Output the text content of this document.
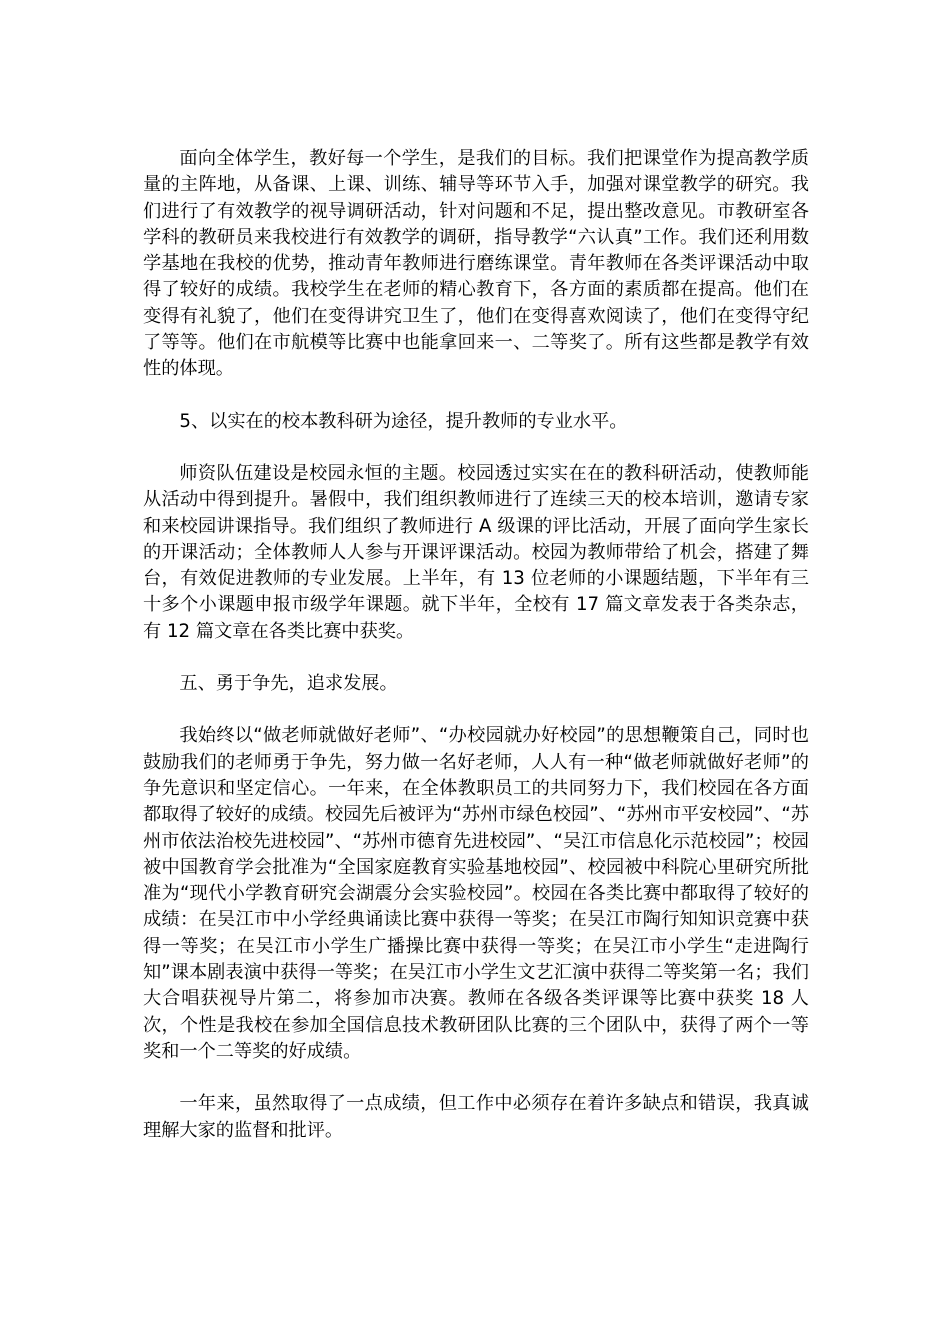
面向全体学生，教好每一个学生，是我们的目标。我们把课堂作为提高教学质量的主阵地，从备课、上课、训练、辅导等环节入手，加强对课堂教学的研究。我们进行了有效教学的视导调研活动，针对问题和不足，提出整改意见。市教研室各学科的教研员来我校进行有效教学的调研，指导教学“六认真”工作。我们还利用数学基地在我校的优势，推动青年教师进行磨练课堂。青年教师在各类评课活动中取得了较好的成绩。我校学生在老师的精心教育下，各方面的素质都在提高。他们在变得有礼貌了，他们在变得讲究卫生了，他们在变得喜欢阅读了，他们在变得守纪了等等。他们在市航模等比赛中也能拿回来一、二等奖了。所有这些都是教学有效性的体现。

5、以实在的校本教科研为途径，提升教师的专业水平。

师资队伍建设是校园永恒的主题。校园透过实实在在的教科研活动，使教师能从活动中得到提升。暑假中，我们组织教师进行了连续三天的校本培训，邀请专家和来校园讲课指导。我们组织了教师进行 A 级课的评比活动，开展了面向学生家长的开课活动；全体教师人人参与开课评课活动。校园为教师带给了机会，搭建了舞台，有效促进教师的专业发展。上半年，有 13 位老师的小课题结题，下半年有三十多个小课题申报市级学年课题。就下半年，全校有 17 篇文章发表于各类杂志，有 12 篇文章在各类比赛中获奖。

五、勇于争先，追求发展。

我始终以“做老师就做好老师”、“办校园就办好校园”的思想鞭策自己，同时也鼓励我们的老师勇于争先，努力做一名好老师，人人有一种“做老师就做好老师”的争先意识和坚定信心。一年来，在全体教职员工的共同努力下，我们校园在各方面都取得了较好的成绩。校园先后被评为“苏州市绿色校园”、“苏州市平安校园”、“苏州市依法治校先进校园”、“苏州市德育先进校园”、“吴江市信息化示范校园”；校园被中国教育学会批准为“全国家庭教育实验基地校园”、校园被中科院心里研究所批准为“现代小学教育研究会湖震分会实验校园”。校园在各类比赛中都取得了较好的成绩：在吴江市中小学经典诵读比赛中获得一等奖；在吴江市陶行知知识竞赛中获得一等奖；在吴江市小学生广播操比赛中获得一等奖；在吴江市小学生“走进陶行知”课本剧表演中获得一等奖；在吴江市小学生文艺汇演中获得二等奖第一名；我们大合唱获视导片第二，将参加市决赛。教师在各级各类评课等比赛中获奖 18 人次，个性是我校在参加全国信息技术教研团队比赛的三个团队中，获得了两个一等奖和一个二等奖的好成绩。

一年来，虽然取得了一点成绩，但工作中必须存在着许多缺点和错误，我真诚理解大家的监督和批评。
